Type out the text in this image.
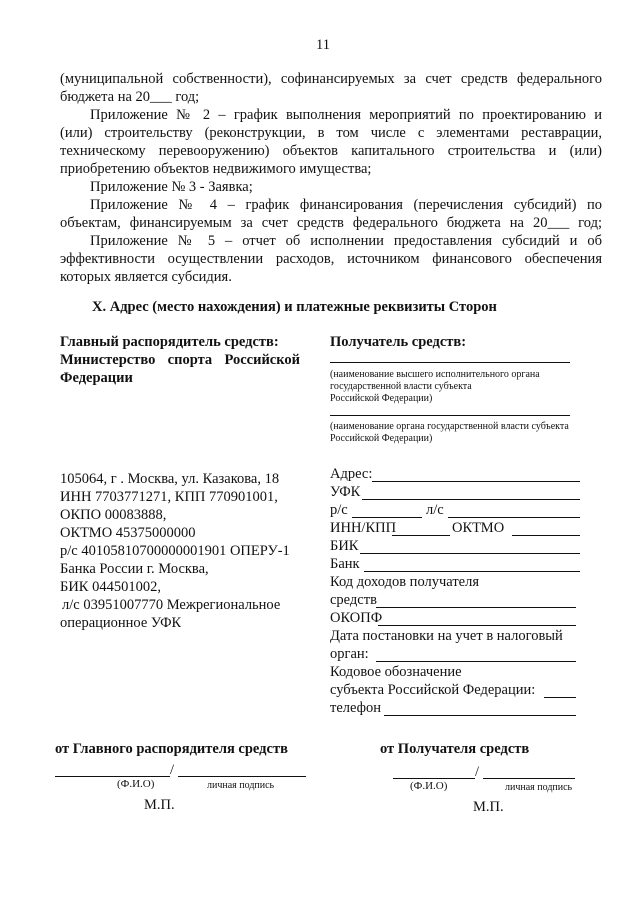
11
(муниципальной собственности), софинансируемых за счет средств федерального
бюджета на 20___ год;
Приложение № 2 – график выполнения мероприятий по проектированию и
(или) строительству (реконструкции, в том числе с элементами реставрации,
техническому перевооружению) объектов капитального строительства и (или)
приобретению объектов недвижимого имущества;
Приложение № 3 - Заявка;
Приложение № 4 – график финансирования (перечисления субсидий) по
объектам, финансируемым за счет средств федерального бюджета на 20___ год;
Приложение № 5 – отчет об исполнении предоставления субсидий и об
эффективности осуществлении расходов, источником финансового обеспечения
которых является субсидия.
X. Адрес (место нахождения) и платежные реквизиты Сторон
Главный распорядитель средств:
Министерство спорта Российской
Федерации
105064, г . Москва, ул. Казакова, 18
ИНН 7703771271, КПП 770901001,
ОКПО 00083888,
ОКТМО 45375000000
р/с 40105810700000001901 ОПЕРУ-1
Банка России г. Москва,
БИК 044501002,
л/с 03951007770 Межрегиональное
операционное УФК
Получатель средств:
(наименование высшего исполнительного органа
государственной власти субъекта
Российской Федерации)
(наименование органа государственной власти субъекта
Российской Федерации)
Адрес:
УФК
р/с	л/с
ИНН/КПП	ОКТМО
БИК
Банк
Код доходов получателя
средств
ОКОПФ
Дата постановки на учет в налоговый
орган:
Кодовое обозначение
субъекта Российской Федерации:
телефон
от Главного распорядителя средств	от Получателя средств
/
(Ф.И.О)	личная подпись
М.П.
/
(Ф.И.О)	личная подпись
М.П.
